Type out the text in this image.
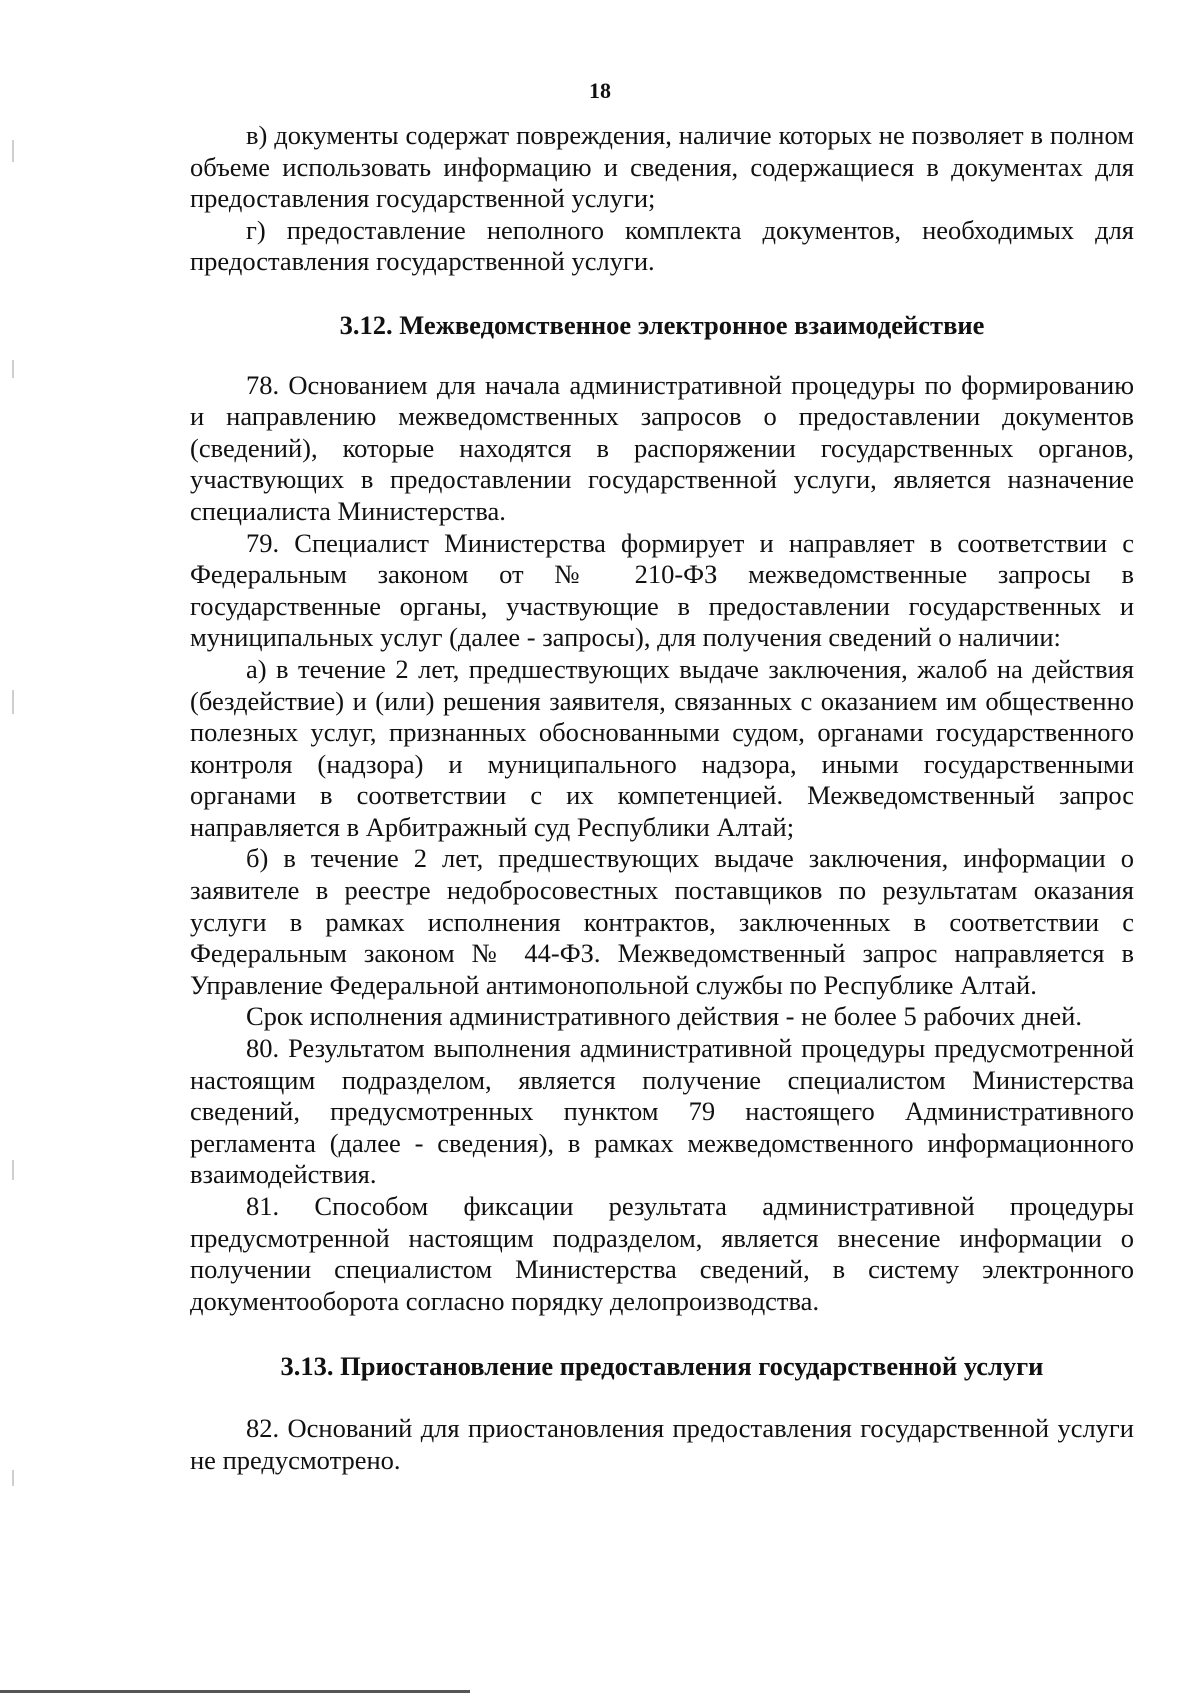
18

в) документы содержат повреждения, наличие которых не позволяет в полном объеме использовать информацию и сведения, содержащиеся в документах для предоставления государственной услуги;

г) предоставление неполного комплекта документов, необходимых для предоставления государственной услуги.

3.12. Межведомственное электронное взаимодействие

78. Основанием для начала административной процедуры по формированию и направлению межведомственных запросов о предоставлении документов (сведений), которые находятся в распоряжении государственных органов, участвующих в предоставлении государственной услуги, является назначение специалиста Министерства.

79. Специалист Министерства формирует и направляет в соответствии с Федеральным законом от № 210-ФЗ межведомственные запросы в государственные органы, участвующие в предоставлении государственных и муниципальных услуг (далее - запросы), для получения сведений о наличии:

а) в течение 2 лет, предшествующих выдаче заключения, жалоб на действия (бездействие) и (или) решения заявителя, связанных с оказанием им общественно полезных услуг, признанных обоснованными судом, органами государственного контроля (надзора) и муниципального надзора, иными государственными органами в соответствии с их компетенцией. Межведомственный запрос направляется в Арбитражный суд Республики Алтай;

б) в течение 2 лет, предшествующих выдаче заключения, информации о заявителе в реестре недобросовестных поставщиков по результатам оказания услуги в рамках исполнения контрактов, заключенных в соответствии с Федеральным законом № 44-ФЗ. Межведомственный запрос направляется в Управление Федеральной антимонопольной службы по Республике Алтай.

Срок исполнения административного действия - не более 5 рабочих дней.

80. Результатом выполнения административной процедуры предусмотренной настоящим подразделом, является получение специалистом Министерства сведений, предусмотренных пунктом 79 настоящего Административного регламента (далее - сведения), в рамках межведомственного информационного взаимодействия.

81. Способом фиксации результата административной процедуры предусмотренной настоящим подразделом, является внесение информации о получении специалистом Министерства сведений, в систему электронного документооборота согласно порядку делопроизводства.

3.13. Приостановление предоставления государственной услуги

82. Оснований для приостановления предоставления государственной услуги не предусмотрено.
